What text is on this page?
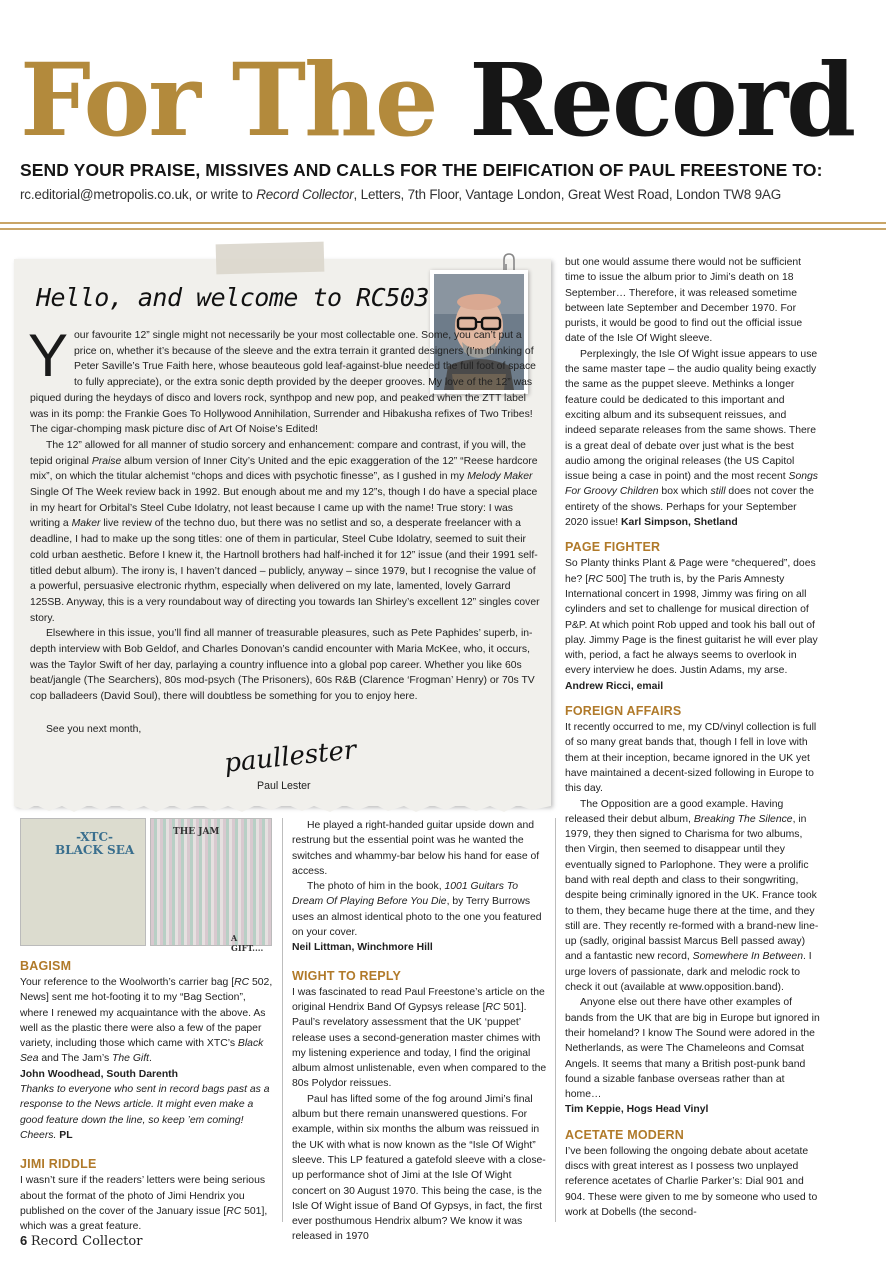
For The Record
SEND YOUR PRAISE, MISSIVES AND CALLS FOR THE DEIFICATION OF PAUL FREESTONE TO:
rc.editorial@metropolis.co.uk, or write to Record Collector, Letters, 7th Floor, Vantage London, Great West Road, London TW8 9AG
Hello, and welcome to RC503

Your favourite 12” single might not necessarily be your most collectable one. Some, you can’t put a price on, whether it’s because of the sleeve and the extra terrain it granted designers (I’m thinking of Peter Saville’s True Faith here, whose beauteous gold leaf-against-blue needed the full foot of space to fully appreciate), or the extra sonic depth provided by the deeper grooves. My love of the 12” was piqued during the heydays of disco and lovers rock, synthpop and new pop, and peaked when the ZTT label was in its pomp: the Frankie Goes To Hollywood Annihilation, Surrender and Hibakusha refixes of Two Tribes! The cigar-chomping mask picture disc of Art Of Noise’s Edited!

The 12” allowed for all manner of studio sorcery and enhancement: compare and contrast, if you will, the tepid original Praise album version of Inner City’s United and the epic exaggeration of the 12” “Reese hardcore mix”, on which the titular alchemist “chops and dices with psychotic finesse”, as I gushed in my Melody Maker Single Of The Week review back in 1992. But enough about me and my 12”s, though I do have a special place in my heart for Orbital’s Steel Cube Idolatry, not least because I came up with the name! True story: I was writing a Maker live review of the techno duo, but there was no setlist and so, a desperate freelancer with a deadline, I had to make up the song titles: one of them in particular, Steel Cube Idolatry, seemed to suit their cold urban aesthetic. Before I knew it, the Hartnoll brothers had half-inched it for 12” issue (and their 1991 self-titled debut album). The irony is, I haven’t danced – publicly, anyway – since 1979, but I recognise the value of a powerful, persuasive electronic rhythm, especially when delivered on my late, lamented, lovely Garrard 125SB. Anyway, this is a very roundabout way of directing you towards Ian Shirley’s excellent 12” singles cover story.

Elsewhere in this issue, you’ll find all manner of treasurable pleasures, such as Pete Paphides’ superb, in-depth interview with Bob Geldof, and Charles Donovan’s candid encounter with Maria McKee, who, it occurs, was the Taylor Swift of her day, parlaying a country influence into a global pop career. Whether you like 60s beat/jangle (The Searchers), 80s mod-psych (The Prisoners), 60s R&B (Clarence ‘Frogman’ Henry) or 70s TV cop balladeers (David Soul), there will doubtless be something for you to enjoy here.

See you next month,
paullester
Paul Lester
-XTC-
BLACK SEA
THE JAM
A GIFT....
BAGISM

Your reference to the Woolworth’s carrier bag [RC 502, News] sent me hot-footing it to my “Bag Section”, where I renewed my acquaintance with the above. As well as the plastic there were also a few of the paper variety, including those which came with XTC’s Black Sea and The Jam’s The Gift.

John Woodhead, South Darenth

Thanks to everyone who sent in record bags past as a response to the News article. It might even make a good feature down the line, so keep ’em coming! Cheers. PL

JIMI RIDDLE

I wasn’t sure if the readers’ letters were being serious about the format of the photo of Jimi Hendrix you published on the cover of the January issue [RC 501], which was a great feature.

He played a right-handed guitar upside down and restrung but the essential point was he wanted the switches and whammy-bar below his hand for ease of access.

The photo of him in the book, 1001 Guitars To Dream Of Playing Before You Die, by Terry Burrows uses an almost identical photo to the one you featured on your cover.

Neil Littman, Winchmore Hill

WIGHT TO REPLY

I was fascinated to read Paul Freestone’s article on the original Hendrix Band Of Gypsys release [RC 501]. Paul’s revelatory assessment that the UK ‘puppet’ release uses a second-generation master chimes with my listening experience and today, I find the original album almost unlistenable, even when compared to the 80s Polydor reissues.

Paul has lifted some of the fog around Jimi’s final album but there remain unanswered questions. For example, within six months the album was reissued in the UK with what is now known as the “Isle Of Wight” sleeve. This LP featured a gatefold sleeve with a close-up performance shot of Jimi at the Isle Of Wight concert on 30 August 1970. This being the case, is the Isle Of Wight issue of Band Of Gypsys, in fact, the first ever posthumous Hendrix album? We know it was released in 1970

but one would assume there would not be sufficient time to issue the album prior to Jimi’s death on 18 September… Therefore, it was released sometime between late September and December 1970. For purists, it would be good to find out the official issue date of the Isle Of Wight sleeve.

Perplexingly, the Isle Of Wight issue appears to use the same master tape – the audio quality being exactly the same as the puppet sleeve. Methinks a longer feature could be dedicated to this important and exciting album and its subsequent reissues, and indeed separate releases from the same shows. There is a great deal of debate over just what is the best audio among the original releases (the US Capitol issue being a case in point) and the most recent Songs For Groovy Children box which still does not cover the entirety of the shows. Perhaps for your September 2020 issue! Karl Simpson, Shetland

PAGE FIGHTER

So Planty thinks Plant & Page were “chequered”, does he? [RC 500] The truth is, by the Paris Amnesty International concert in 1998, Jimmy was firing on all cylinders and set to challenge for musical direction of P&P. At which point Rob upped and took his ball out of play. Jimmy Page is the finest guitarist he will ever play with, period, a fact he always seems to overlook in every interview he does. Justin Adams, my arse.

Andrew Ricci, email

FOREIGN AFFAIRS

It recently occurred to me, my CD/vinyl collection is full of so many great bands that, though I fell in love with them at their inception, became ignored in the UK yet have maintained a decent-sized following in Europe to this day.

The Opposition are a good example. Having released their debut album, Breaking The Silence, in 1979, they then signed to Charisma for two albums, then Virgin, then seemed to disappear until they eventually signed to Parlophone. They were a prolific band with real depth and class to their songwriting, despite being criminally ignored in the UK. France took to them, they became huge there at the time, and they still are. They recently re-formed with a brand-new line-up (sadly, original bassist Marcus Bell passed away) and a fantastic new record, Somewhere In Between. I urge lovers of passionate, dark and melodic rock to check it out (available at www.opposition.band).

Anyone else out there have other examples of bands from the UK that are big in Europe but ignored in their homeland? I know The Sound were adored in the Netherlands, as were The Chameleons and Comsat Angels. It seems that many a British post-punk band found a sizable fanbase overseas rather than at home…

Tim Keppie, Hogs Head Vinyl

ACETATE MODERN

I’ve been following the ongoing debate about acetate discs with great interest as I possess two unplayed reference acetates of Charlie Parker’s: Dial 901 and 904. These were given to me by someone who used to work at Dobells (the second-

6 Record Collector
